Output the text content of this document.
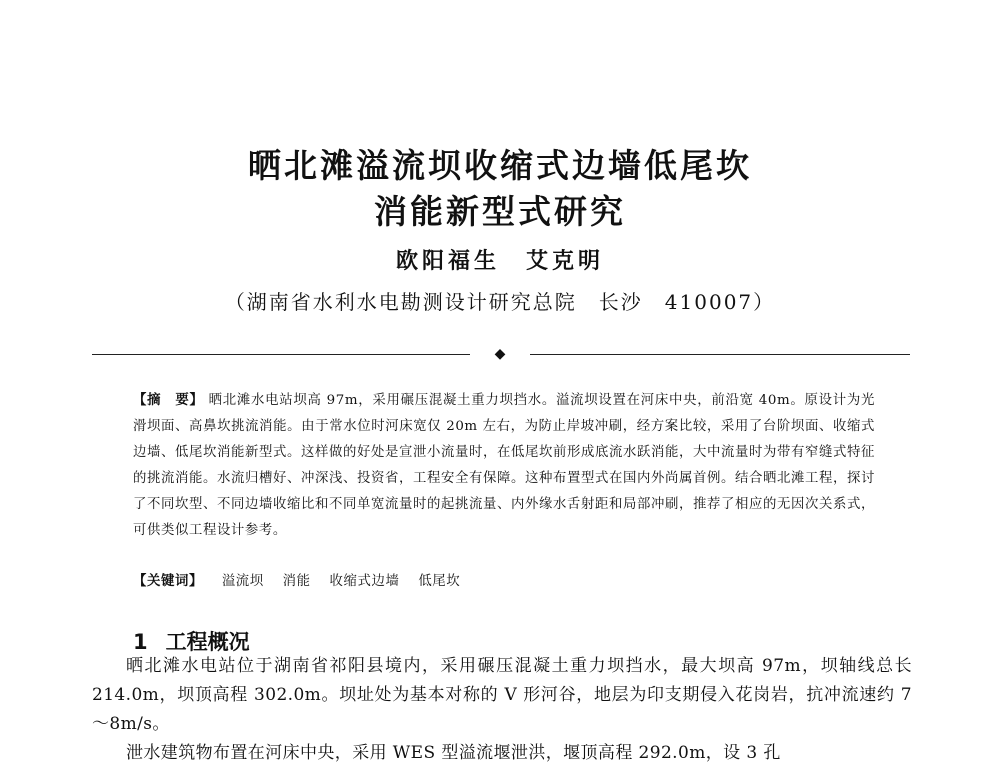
晒北滩溢流坝收缩式边墙低尾坎
消能新型式研究
欧阳福生　艾克明
（湖南省水利水电勘测设计研究总院　长沙　410007）
◆
【摘　要】 晒北滩水电站坝高 97m，采用碾压混凝土重力坝挡水。溢流坝设置在河床中央，前沿宽 40m。原设计为光滑坝面、高鼻坎挑流消能。由于常水位时河床宽仅 20m 左右，为防止岸坡冲刷，经方案比较，采用了台阶坝面、收缩式边墙、低尾坎消能新型式。这样做的好处是宣泄小流量时，在低尾坎前形成底流水跃消能，大中流量时为带有窄缝式特征的挑流消能。水流归槽好、冲深浅、投资省，工程安全有保障。这种布置型式在国内外尚属首例。结合晒北滩工程，探讨了不同坎型、不同边墙收缩比和不同单宽流量时的起挑流量、内外缘水舌射距和局部冲刷，推荐了相应的无因次关系式，可供类似工程设计参考。
【关键词】 溢流坝 消能 收缩式边墙 低尾坎
1 工程概况

晒北滩水电站位于湖南省祁阳县境内，采用碾压混凝土重力坝挡水，最大坝高 97m，坝轴线总长 214.0m，坝顶高程 302.0m。坝址处为基本对称的 V 形河谷，地层为印支期侵入花岗岩，抗冲流速约 7～8m/s。

泄水建筑物布置在河床中央，采用 WES 型溢流堰泄洪，堰顶高程 292.0m，设 3 孔
